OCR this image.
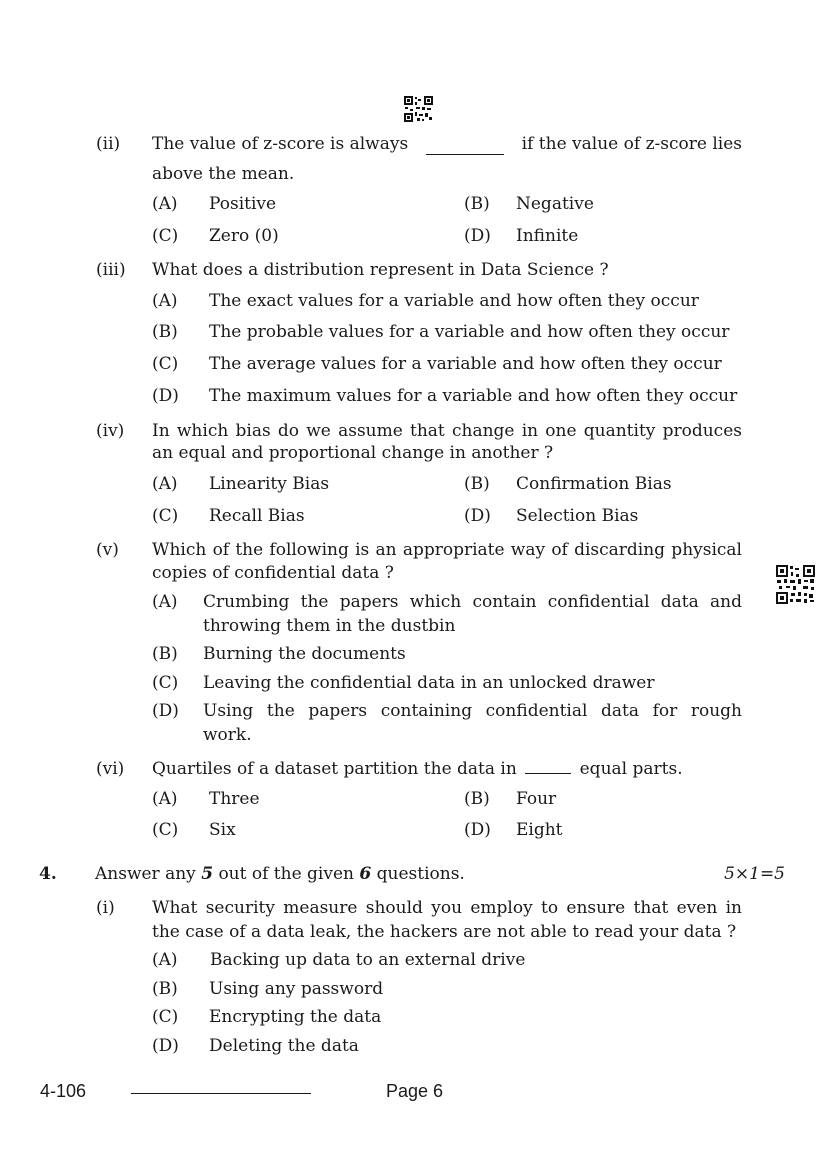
(ii) The value of z-score is always	if the value of z-score lies
above the mean.
(A) Positive	(B) Negative
(C) Zero (0)	(D) Infinite
(iii) What does a distribution represent in Data Science ?
(A) The exact values for a variable and how often they occur
(B) The probable values for a variable and how often they occur
(C) The average values for a variable and how often they occur
(D) The maximum values for a variable and how often they occur
(iv) In which bias do we assume that change in one quantity produces
an equal and proportional change in another ?
(A) Linearity Bias	(B) Confirmation Bias
(C) Recall Bias	(D) Selection Bias
(v) Which of the following is an appropriate way of discarding physical
copies of confidential data ?
(A) Crumbing the papers which contain confidential data and
throwing them in the dustbin
(B) Burning the documents
(C) Leaving the confidential data in an unlocked drawer
(D) Using the papers containing confidential data for rough
work.
(vi) Quartiles of a dataset partition the data in	equal parts.
(A) Three	(B) Four
(C) Six	(D) Eight
4. Answer any 5 out of the given 6 questions.	5×1=5
(i) What security measure should you employ to ensure that even in
the case of a data leak, the hackers are not able to read your data ?
(A) Backing up data to an external drive
(B) Using any password
(C) Encrypting the data
(D) Deleting the data
4-106	Page 6
